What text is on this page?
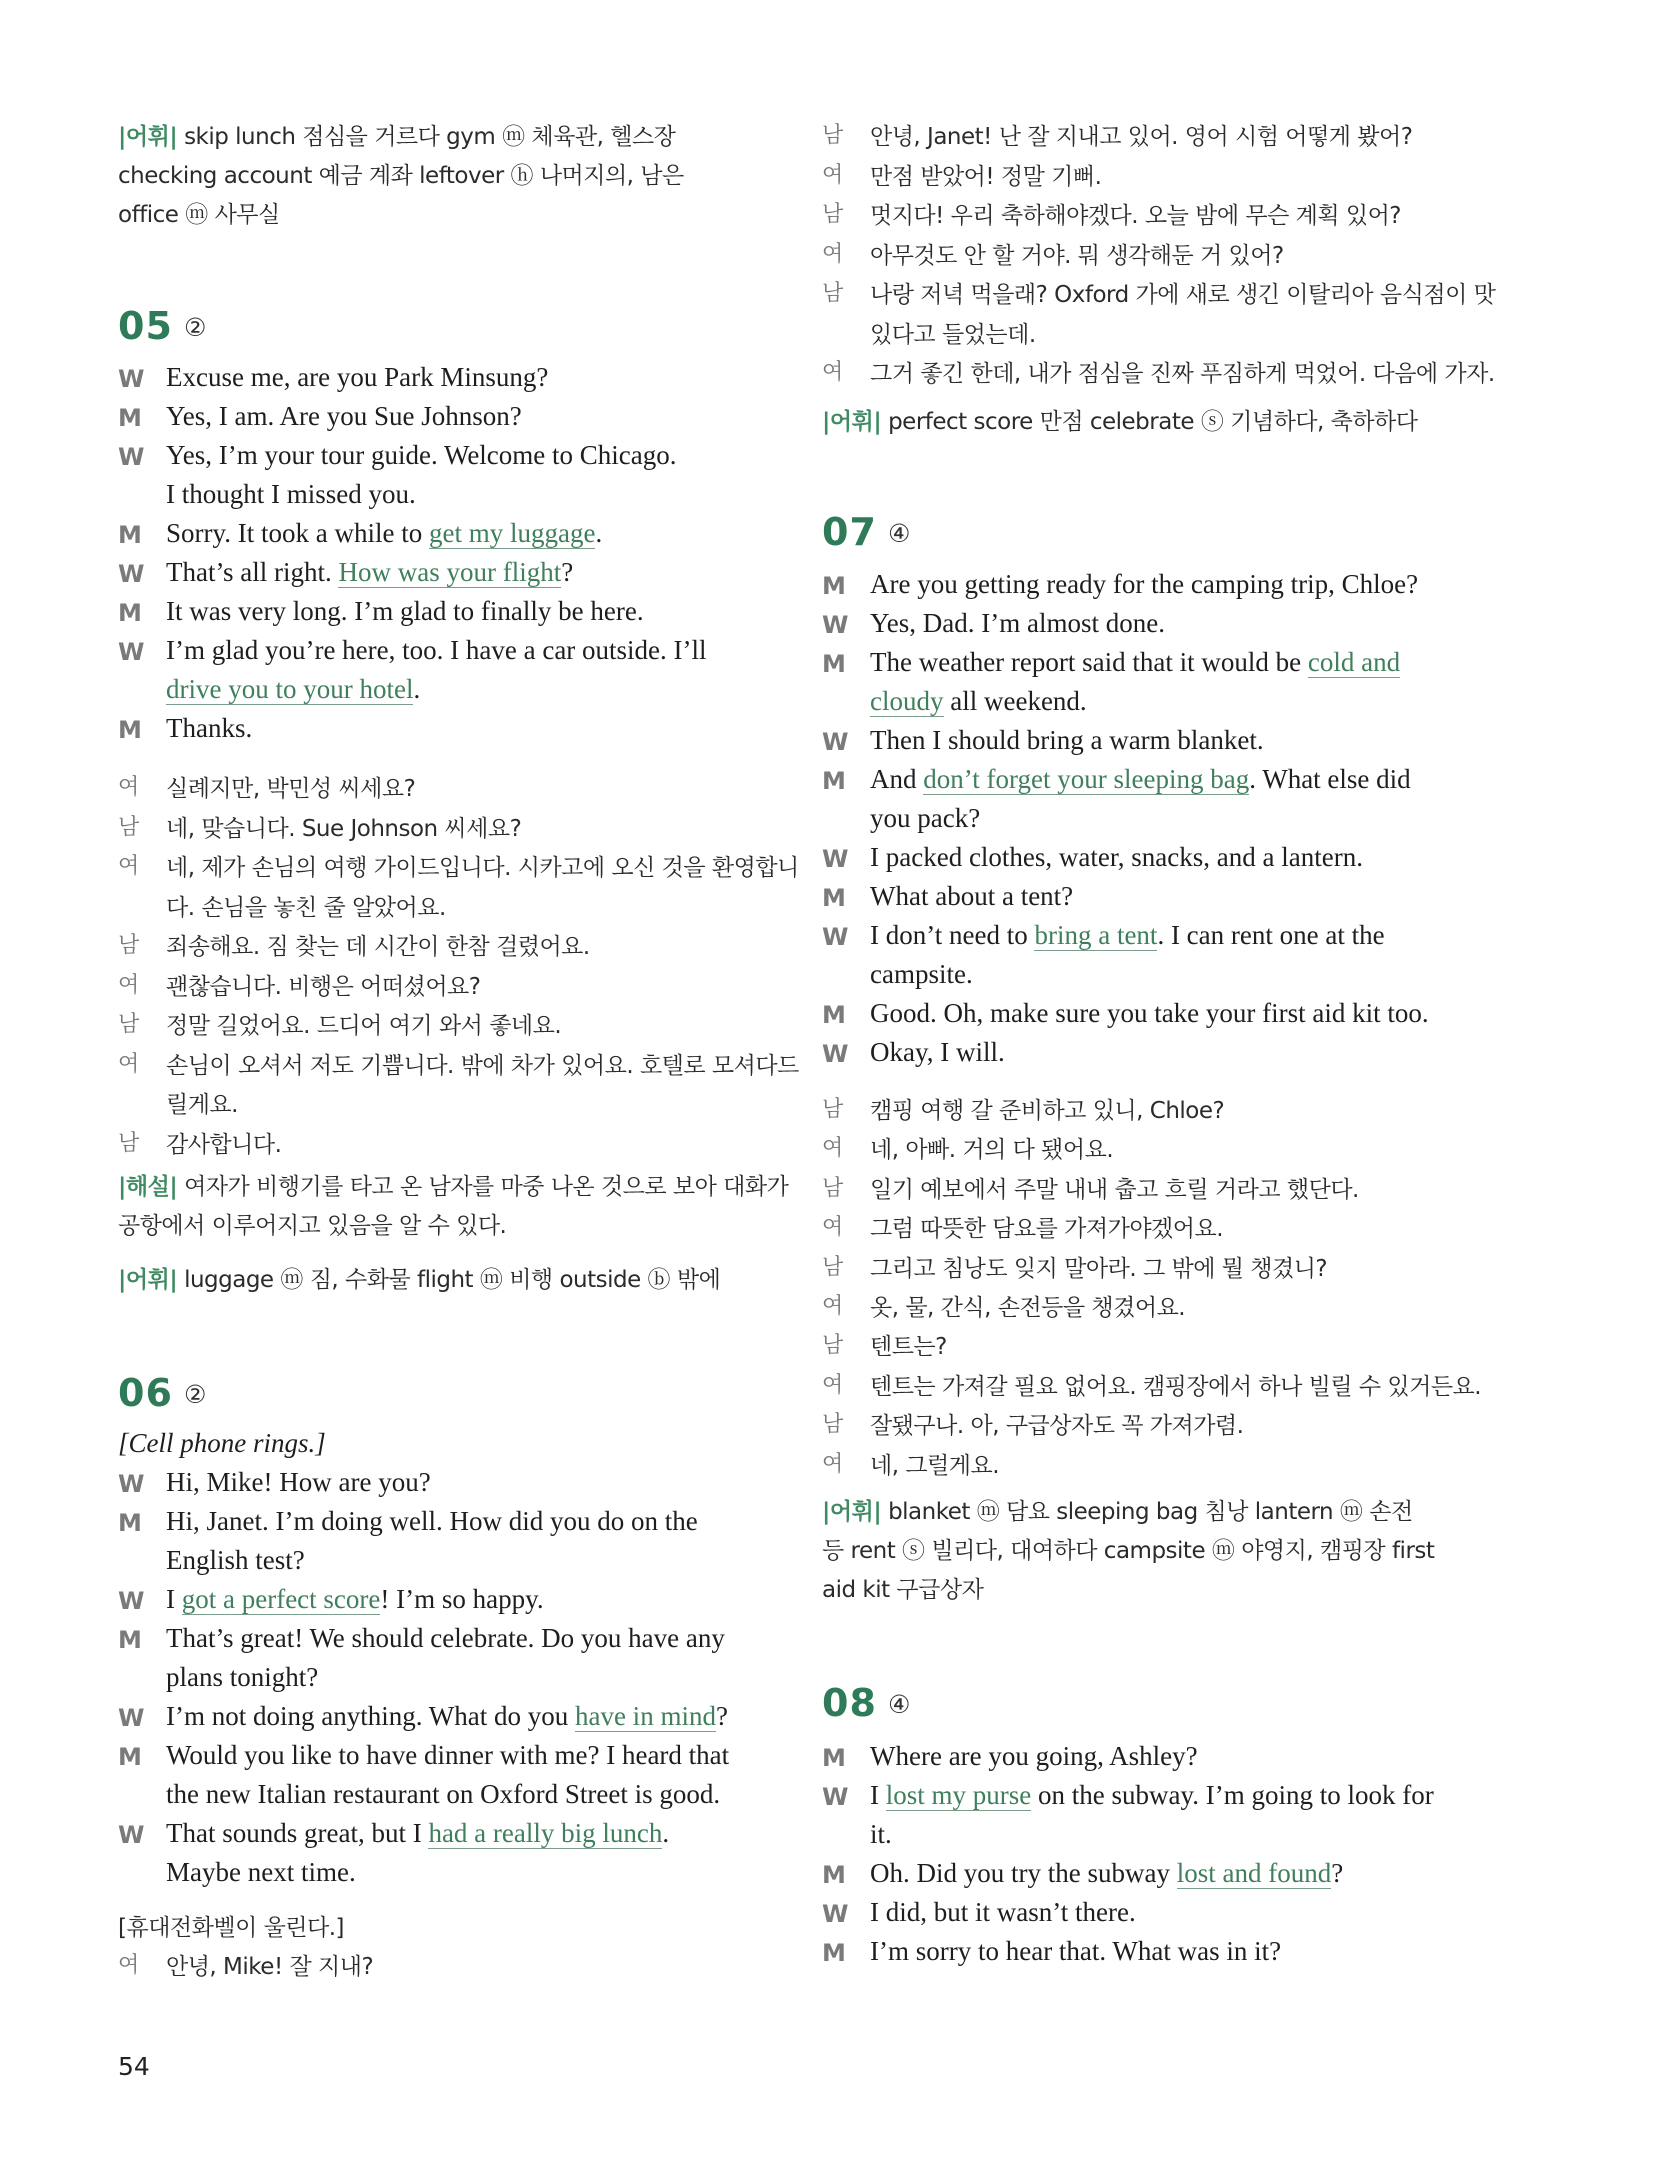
|어휘| skip lunch 점심을 거르다 gym ⓜ 체육관, 헬스장
checking account 예금 계좌 leftover ⓗ 나머지의, 남은
office ⓜ 사무실
05 ②
W Excuse me, are you Park Minsung?
M Yes, I am. Are you Sue Johnson?
W Yes, I’m your tour guide. Welcome to Chicago.
I thought I missed you.
M Sorry. It took a while to get my luggage.
W That’s all right. How was your flight?
M It was very long. I’m glad to finally be here.
W I’m glad you’re here, too. I have a car outside. I’ll
drive you to your hotel.
M Thanks.
여	실례지만, 박민성 씨세요?
남	네, 맞습니다. Sue Johnson 씨세요?
여	네, 제가 손님의 여행 가이드입니다. 시카고에 오신 것을 환영합니
다. 손님을 놓친 줄 알았어요.
남	죄송해요. 짐 찾는 데 시간이 한참 걸렸어요.
여	괜찮습니다. 비행은 어떠셨어요?
남	정말 길었어요. 드디어 여기 와서 좋네요.
여	손님이 오셔서 저도 기쁩니다. 밖에 차가 있어요. 호텔로 모셔다드
릴게요.
남	감사합니다.
|해설| 여자가 비행기를 타고 온 남자를 마중 나온 것으로 보아 대화가
공항에서 이루어지고 있음을 알 수 있다.
|어휘| luggage ⓜ 짐, 수화물 flight ⓜ 비행 outside ⓑ 밖에
06 ②
[Cell phone rings.]
W Hi, Mike! How are you?
M Hi, Janet. I’m doing well. How did you do on the
English test?
W I got a perfect score! I’m so happy.
M That’s great! We should celebrate. Do you have any
plans tonight?
W I’m not doing anything. What do you have in mind?
M Would you like to have dinner with me? I heard that
the new Italian restaurant on Oxford Street is good.
W That sounds great, but I had a really big lunch.
Maybe next time.
[휴대전화벨이 울린다.]
여	안녕, Mike! 잘 지내?
54
남	안녕, Janet! 난 잘 지내고 있어. 영어 시험 어떻게 봤어?
여	만점 받았어! 정말 기뻐.
남	멋지다! 우리 축하해야겠다. 오늘 밤에 무슨 계획 있어?
여	아무것도 안 할 거야. 뭐 생각해둔 거 있어?
남	나랑 저녁 먹을래? Oxford 가에 새로 생긴 이탈리아 음식점이 맛
있다고 들었는데.
여	그거 좋긴 한데, 내가 점심을 진짜 푸짐하게 먹었어. 다음에 가자.
|어휘| perfect score 만점 celebrate ⓢ 기념하다, 축하하다
07 ④
M Are you getting ready for the camping trip, Chloe?
W Yes, Dad. I’m almost done.
M The weather report said that it would be cold and
cloudy all weekend.
W Then I should bring a warm blanket.
M And don’t forget your sleeping bag. What else did
you pack?
W I packed clothes, water, snacks, and a lantern.
M What about a tent?
W I don’t need to bring a tent. I can rent one at the
campsite.
M Good. Oh, make sure you take your first aid kit too.
W Okay, I will.
남	캠핑 여행 갈 준비하고 있니, Chloe?
여	네, 아빠. 거의 다 됐어요.
남	일기 예보에서 주말 내내 춥고 흐릴 거라고 했단다.
여	그럼 따뜻한 담요를 가져가야겠어요.
남	그리고 침낭도 잊지 말아라. 그 밖에 뭘 챙겼니?
여	옷, 물, 간식, 손전등을 챙겼어요.
남	텐트는?
여	텐트는 가져갈 필요 없어요. 캠핑장에서 하나 빌릴 수 있거든요.
남	잘됐구나. 아, 구급상자도 꼭 가져가렴.
여	네, 그럴게요.
|어휘| blanket ⓜ 담요 sleeping bag 침낭 lantern ⓜ 손전
등 rent ⓢ 빌리다, 대여하다 campsite ⓜ 야영지, 캠핑장 first
aid kit 구급상자
08 ④
M Where are you going, Ashley?
W I lost my purse on the subway. I’m going to look for
it.
M Oh. Did you try the subway lost and found?
W I did, but it wasn’t there.
M I’m sorry to hear that. What was in it?
